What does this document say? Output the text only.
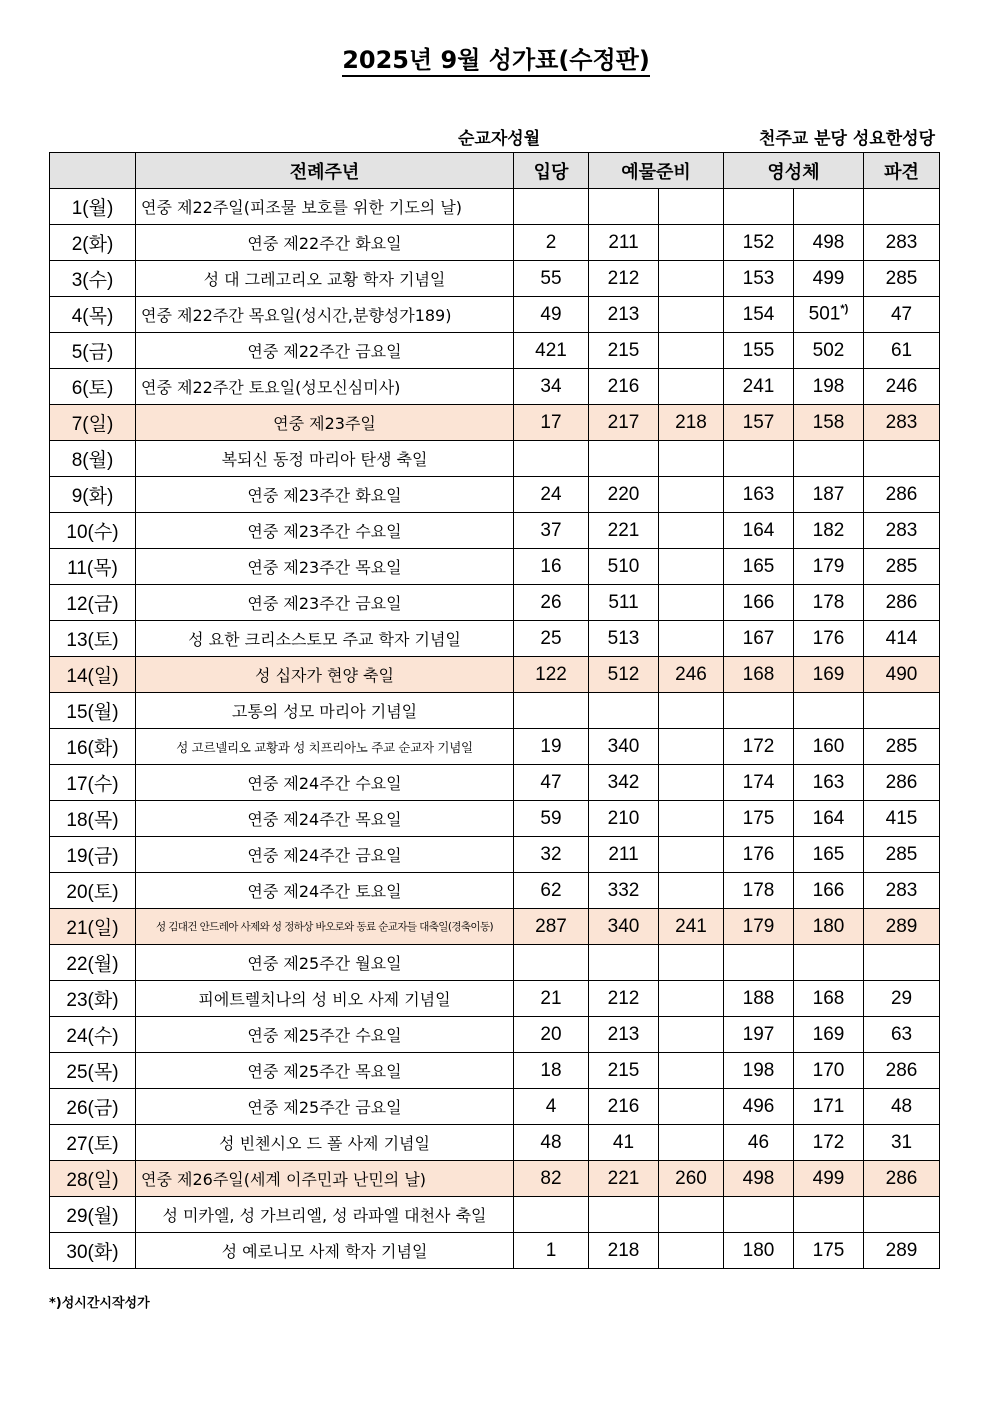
2025년 9월 성가표(수정판)
순교자성월	천주교 분당 성요한성당
	전례주년	입당	예물준비		영성체		파견
1(월)	연중 제22주일(피조물 보호를 위한 기도의 날)						
2(화)	연중 제22주간 화요일	2	211		152	498	283
3(수)	성 대 그레고리오 교황 학자 기념일	55	212		153	499	285
4(목)	연중 제22주간 목요일(성시간,분향성가189)	49	213		154	501*)	47
5(금)	연중 제22주간 금요일	421	215		155	502	61
6(토)	연중 제22주간 토요일(성모신심미사)	34	216		241	198	246
7(일)	연중 제23주일	17	217	218	157	158	283
8(월)	복되신 동정 마리아 탄생 축일						
9(화)	연중 제23주간 화요일	24	220		163	187	286
10(수)	연중 제23주간 수요일	37	221		164	182	283
11(목)	연중 제23주간 목요일	16	510		165	179	285
12(금)	연중 제23주간 금요일	26	511		166	178	286
13(토)	성 요한 크리소스토모 주교 학자 기념일	25	513		167	176	414
14(일)	성 십자가 현양 축일	122	512	246	168	169	490
15(월)	고통의 성모 마리아 기념일						
16(화)	성 고르넬리오 교황과 성 치프리아노 주교 순교자 기념일	19	340		172	160	285
17(수)	연중 제24주간 수요일	47	342		174	163	286
18(목)	연중 제24주간 목요일	59	210		175	164	415
19(금)	연중 제24주간 금요일	32	211		176	165	285
20(토)	연중 제24주간 토요일	62	332		178	166	283
21(일)	성 김대건 안드레아 사제와 성 정하상 바오로와 동료 순교자들 대축일(경축이동)	287	340	241	179	180	289
22(월)	연중 제25주간 월요일						
23(화)	피에트렐치나의 성 비오 사제 기념일	21	212		188	168	29
24(수)	연중 제25주간 수요일	20	213		197	169	63
25(목)	연중 제25주간 목요일	18	215		198	170	286
26(금)	연중 제25주간 금요일	4	216		496	171	48
27(토)	성 빈첸시오 드 폴 사제 기념일	48	41		46	172	31
28(일)	연중 제26주일(세계 이주민과 난민의 날)	82	221	260	498	499	286
29(월)	성 미카엘, 성 가브리엘, 성 라파엘 대천사 축일						
30(화)	성 예로니모 사제 학자 기념일	1	218		180	175	289
*)성시간시작성가
